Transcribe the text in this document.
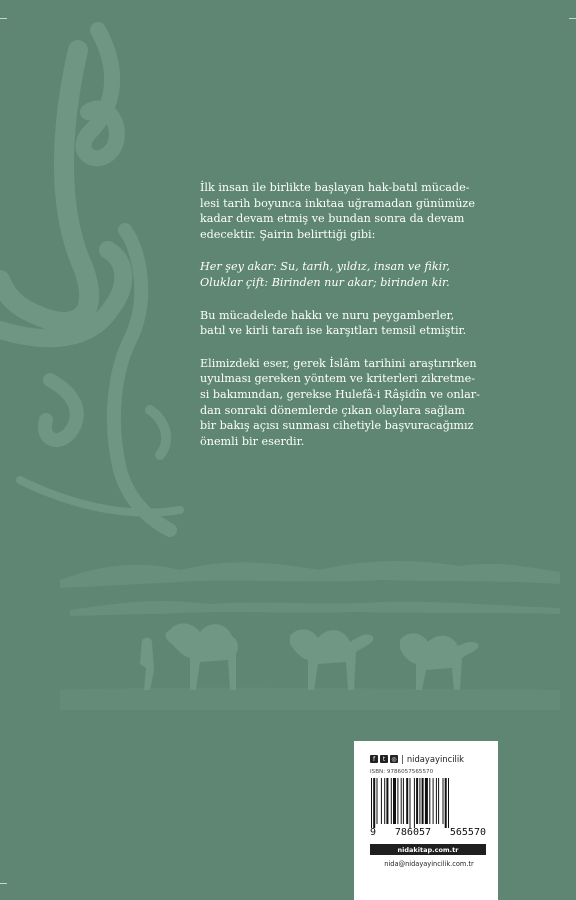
İlk insan ile birlikte başlayan hak-batıl mücade-
lesi tarih boyunca inkıtaa uğramadan günümüze
kadar devam etmiş ve bundan sonra da devam
edecektir. Şairin belirttiği gibi:

Her şey akar: Su, tarih, yıldız, insan ve fikir,
Oluklar çift: Birinden nur akar; birinden kir.

Bu mücadelede hakkı ve nuru peygamberler,
batıl ve kirli tarafı ise karşıtları temsil etmiştir.

Elimizdeki eser, gerek İslâm tarihini araştırırken
uyulması gereken yöntem ve kriterleri zikretme-
si bakımından, gerekse Hulefâ-i Râşidîn ve onlar-
dan sonraki dönemlerde çıkan olaylara sağlam
bir bakış açısı sunması cihetiyle başvuracağımız
önemli bir eserdir.

f	t	◎ | nidayayincilik
ISBN: 9786057565570
9 786057 565570
nidakitap.com.tr
nida@nidayayincilik.com.tr
